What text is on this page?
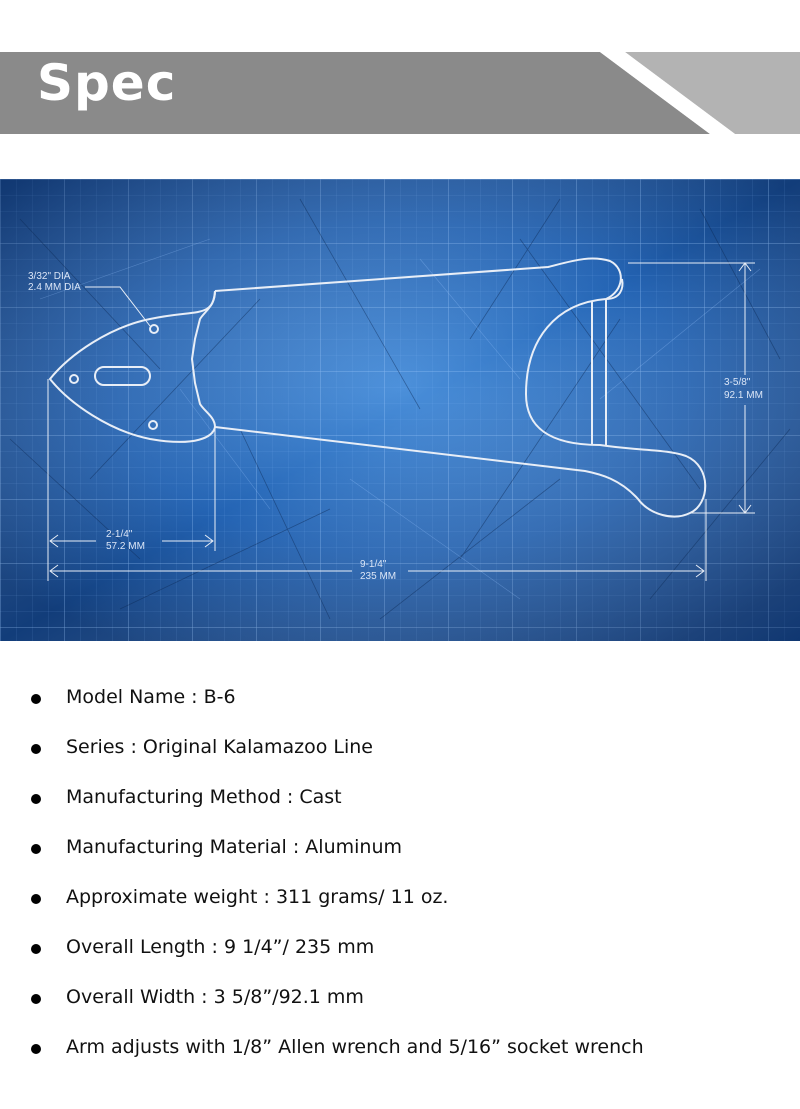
Spec
3/32" DIA
2.4 MM DIA
3-5/8"
92.1 MM
2-1/4"
57.2 MM
9-1/4"
235 MM
Model Name : B-6
Series : Original Kalamazoo Line
Manufacturing Method : Cast
Manufacturing Material : Aluminum
Approximate weight : 311 grams/ 11 oz.
Overall Length : 9 1/4”/ 235 mm
Overall Width : 3 5/8”/92.1 mm
Arm adjusts with 1/8” Allen wrench and 5/16” socket wrench
